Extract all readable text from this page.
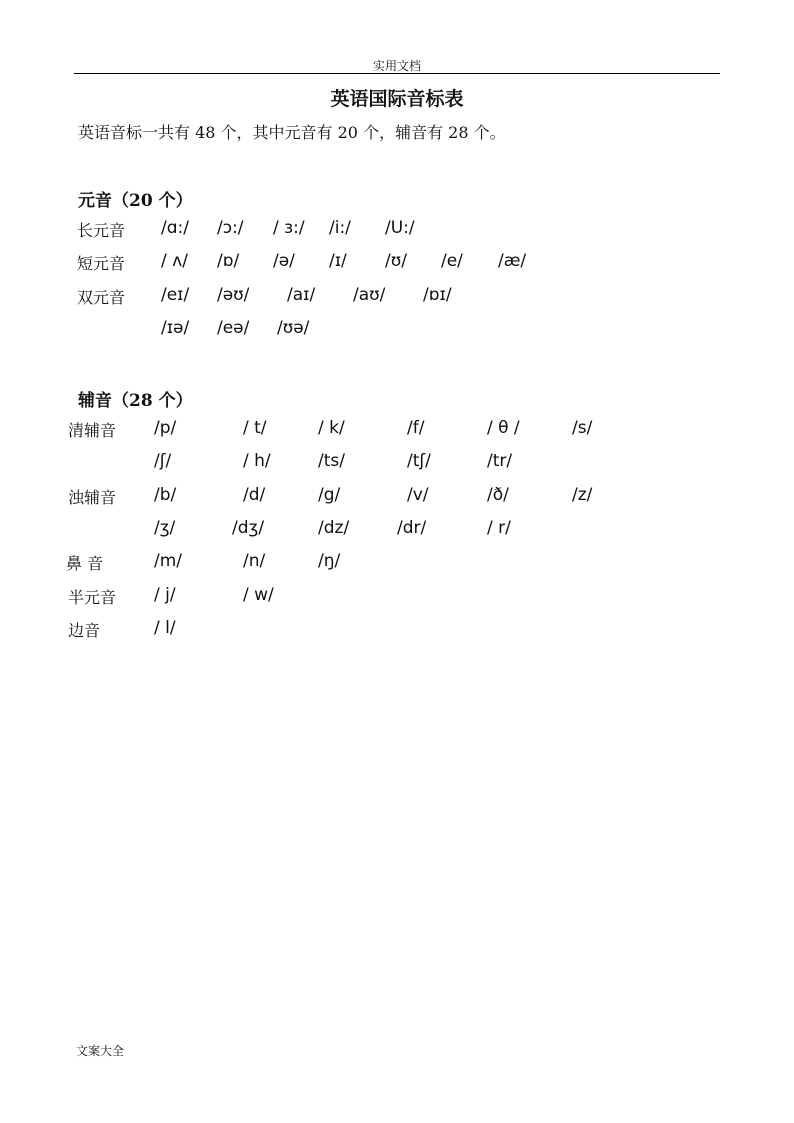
实用文档
英语国际音标表
英语音标一共有 48 个，其中元音有 20 个，辅音有 28 个。
元音（20 个）
长元音 /ɑ:/ /ɔ:/ / ɜ:/ /i:/ /U:/
短元音 / ʌ/ /ɒ/ /ə/ /ɪ/ /ʊ/ /e/ /æ/
双元音 /eɪ/ /əʊ/ /aɪ/ /aʊ/ /ɒɪ/
/ɪə/ /eə/ /ʊə/
辅音（28 个）
清辅音 /p/	/ t/	/ k/	/f/	/ θ /	/s/
/ʃ/	/ h/	/ts/	/tʃ/	/tr/
浊辅音 /b/	/d/	/g/	/v/	/ð/	/z/
/ʒ/	/dʒ/	/dz/	/dr/	/ r/
鼻 音	/m/	/n/	/ŋ/
半元音 / j/	/ w/
边音	/ l/
文案大全
